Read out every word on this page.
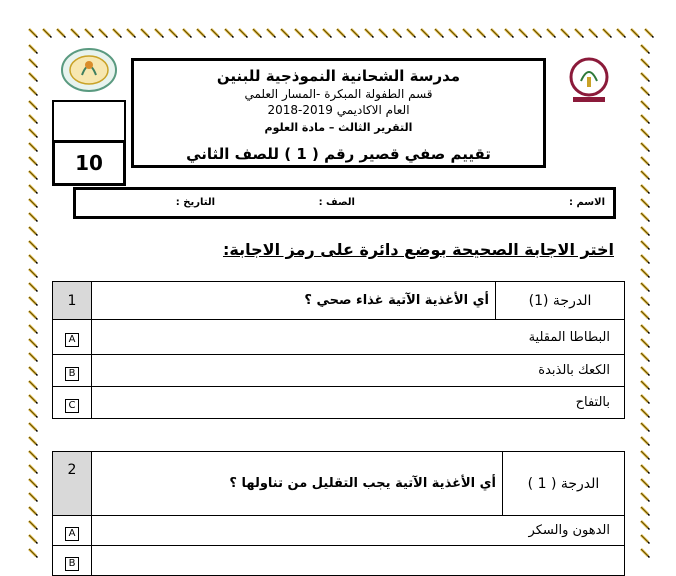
مدرسة الشحانية النموذجية للبنين
قسم الطفولة المبكرة -المسار العلمي
العام الاكاديمي 2019-2018
التقرير الثالث – مادة العلوم
تقييم صفي قصير رقم ( 1 ) للصف الثاني
10
الاسم :
الصف :
التاريخ :
اختر الاجابة الصحيحة بوضع دائرة على رمز الاجابة:
1	أي الأغذية الآتية غذاء صحي ؟	الدرجة (1)
A	البطاطا المقلية	
B	الكعك بالذبدة	
C	بالتفاح	
2	أي الأغذية الآتية يجب التقليل من تناولها ؟	الدرجة ( 1 )
A	الدهون والسكر	
B		
